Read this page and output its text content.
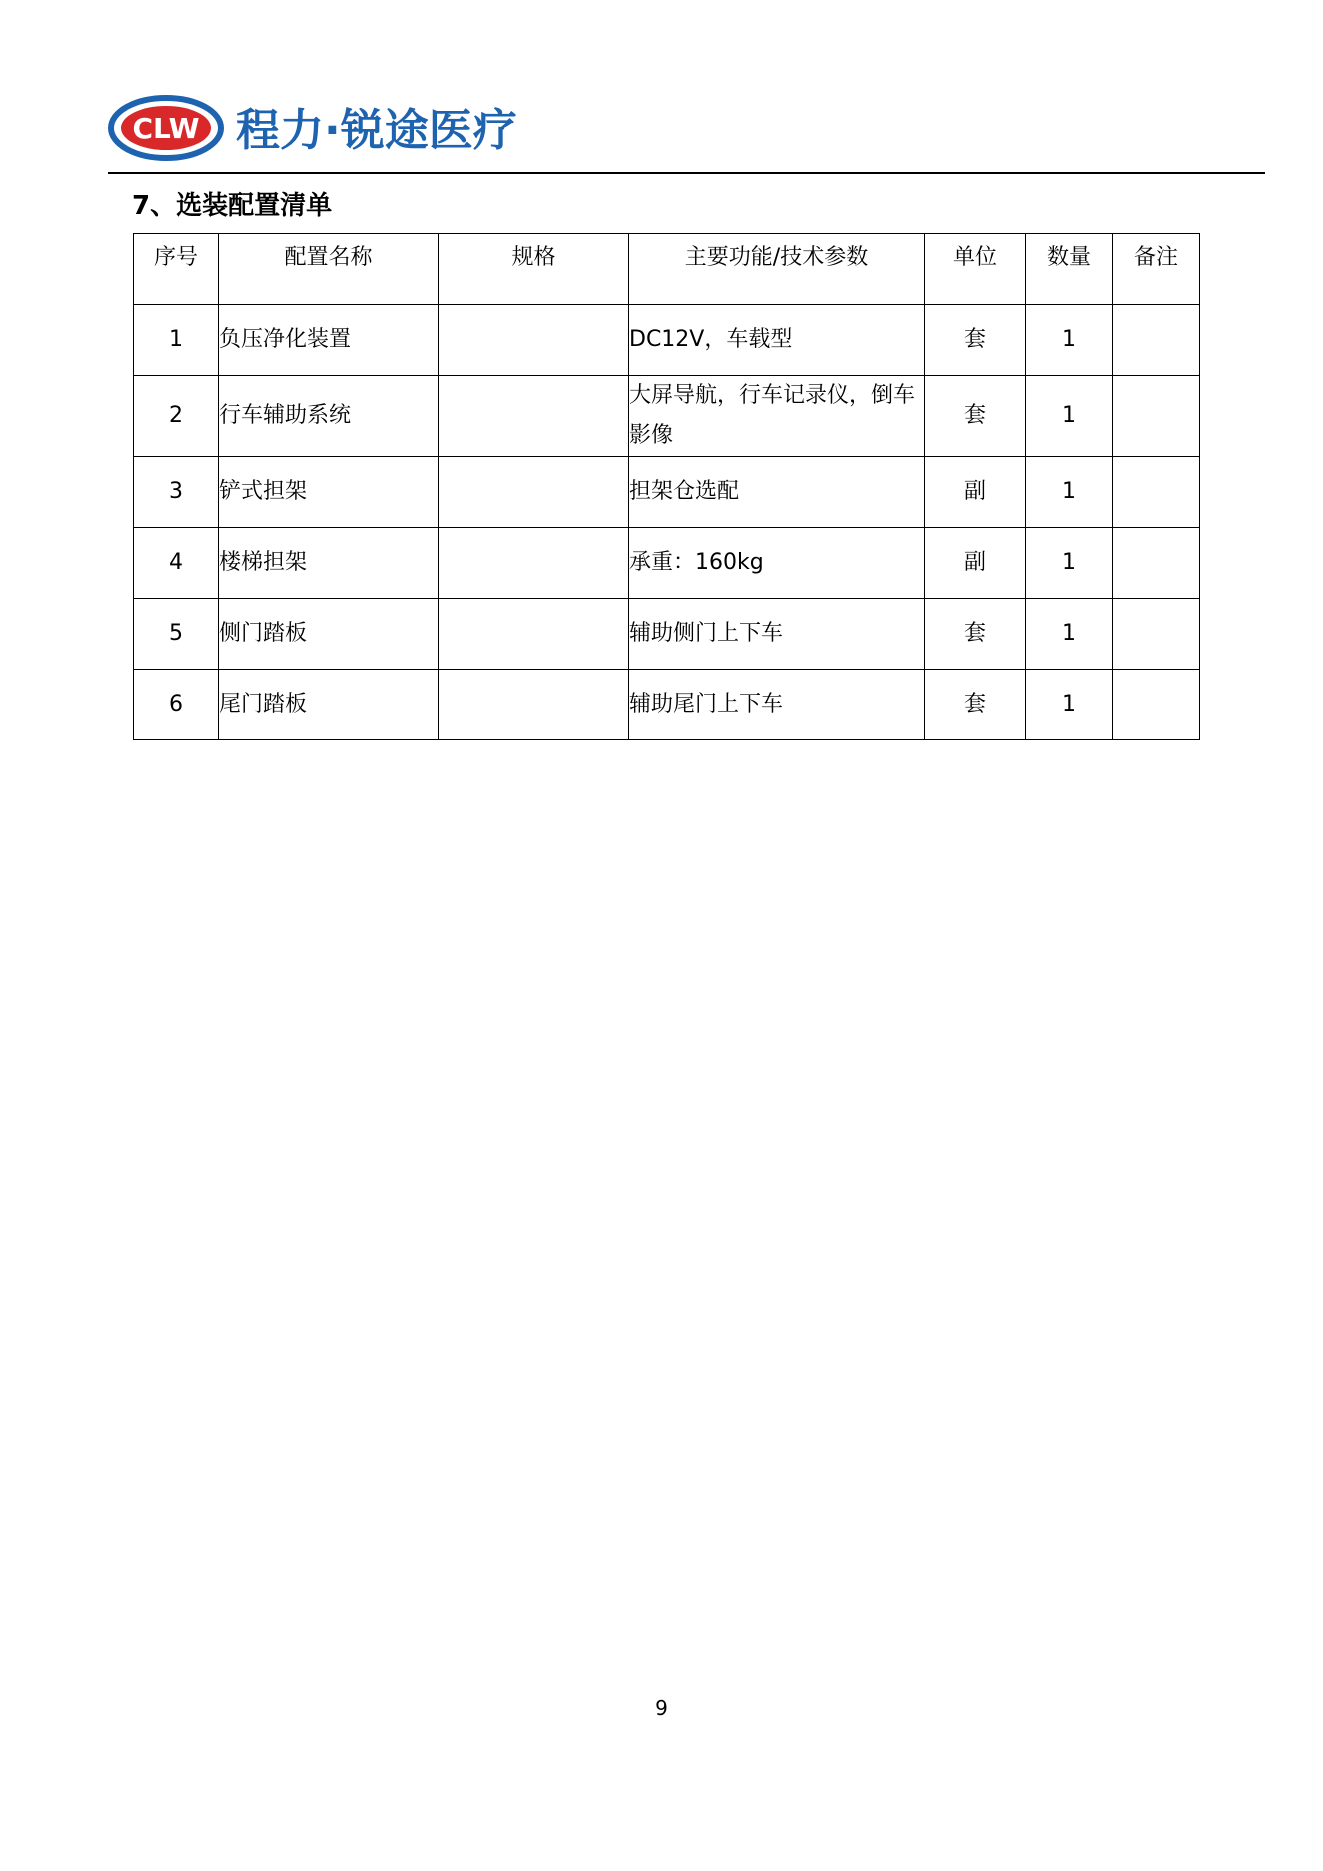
CLW 程力·锐途医疗
7、选装配置清单
序号	配置名称	规格	主要功能/技术参数	单位	数量	备注
1	负压净化装置		DC12V，车载型	套	1	
2	行车辅助系统		大屏导航，行车记录仪，倒车影像	套	1	
3	铲式担架		担架仓选配	副	1	
4	楼梯担架		承重：160kg	副	1	
5	侧门踏板		辅助侧门上下车	套	1	
6	尾门踏板		辅助尾门上下车	套	1	
9
